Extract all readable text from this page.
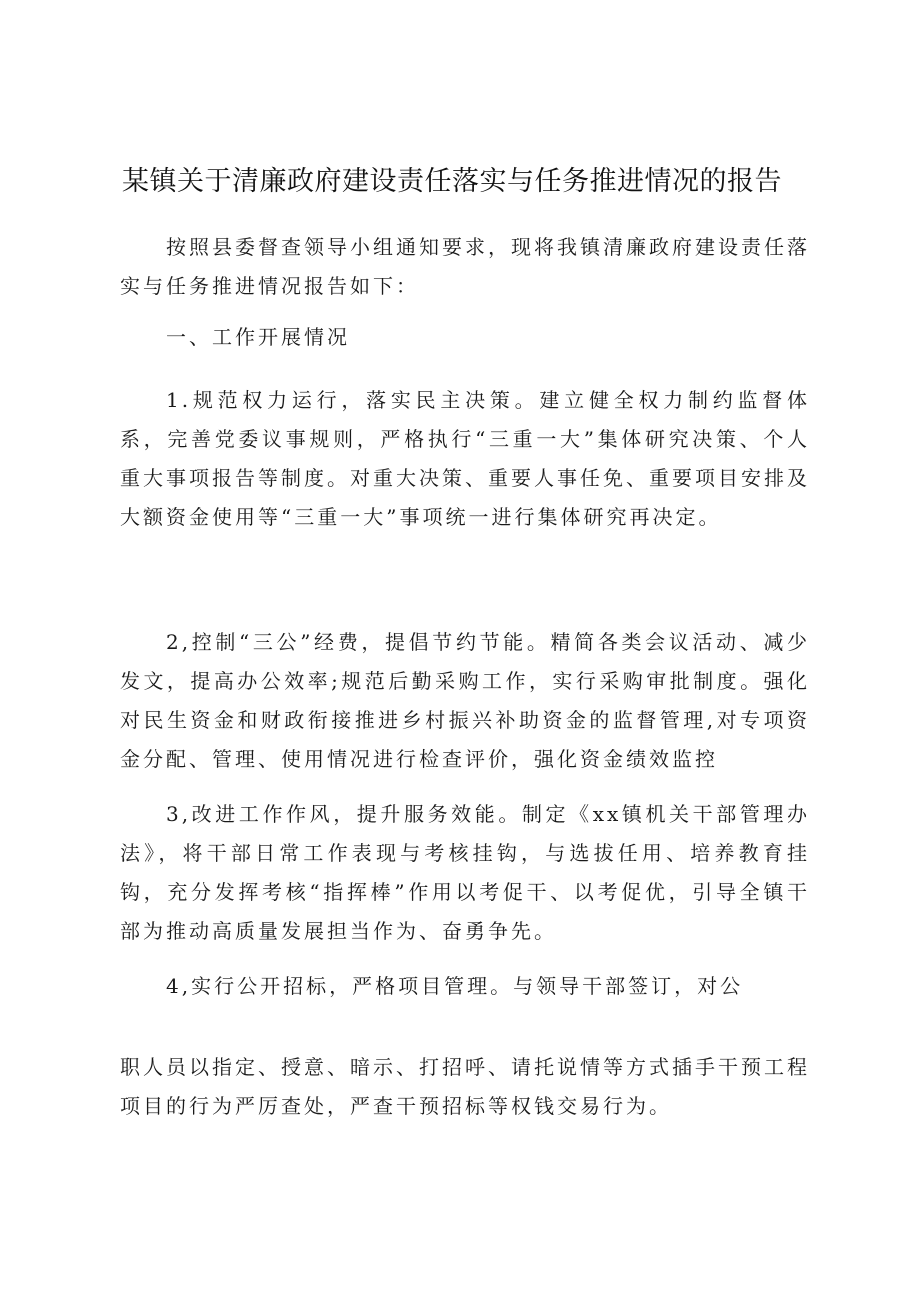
某镇关于清廉政府建设责任落实与任务推进情况的报告

按照县委督查领导小组通知要求，现将我镇清廉政府建设责任落实与任务推进情况报告如下：

一、工作开展情况

1.规范权力运行，落实民主决策。建立健全权力制约监督体系，完善党委议事规则，严格执行“三重一大”集体研究决策、个人重大事项报告等制度。对重大决策、重要人事任免、重要项目安排及大额资金使用等“三重一大”事项统一进行集体研究再决定。

2,控制“三公”经费，提倡节约节能。精简各类会议活动、减少发文，提高办公效率;规范后勤采购工作，实行采购审批制度。强化对民生资金和财政衔接推进乡村振兴补助资金的监督管理,对专项资金分配、管理、使用情况进行检查评价，强化资金绩效监控

3,改进工作作风，提升服务效能。制定《xx镇机关干部管理办法》，将干部日常工作表现与考核挂钩，与选拔任用、培养教育挂钩，充分发挥考核“指挥棒”作用以考促干、以考促优，引导全镇干部为推动高质量发展担当作为、奋勇争先。

4,实行公开招标，严格项目管理。与领导干部签订，对公

职人员以指定、授意、暗示、打招呼、请托说情等方式插手干预工程项目的行为严厉查处，严查干预招标等权钱交易行为。
